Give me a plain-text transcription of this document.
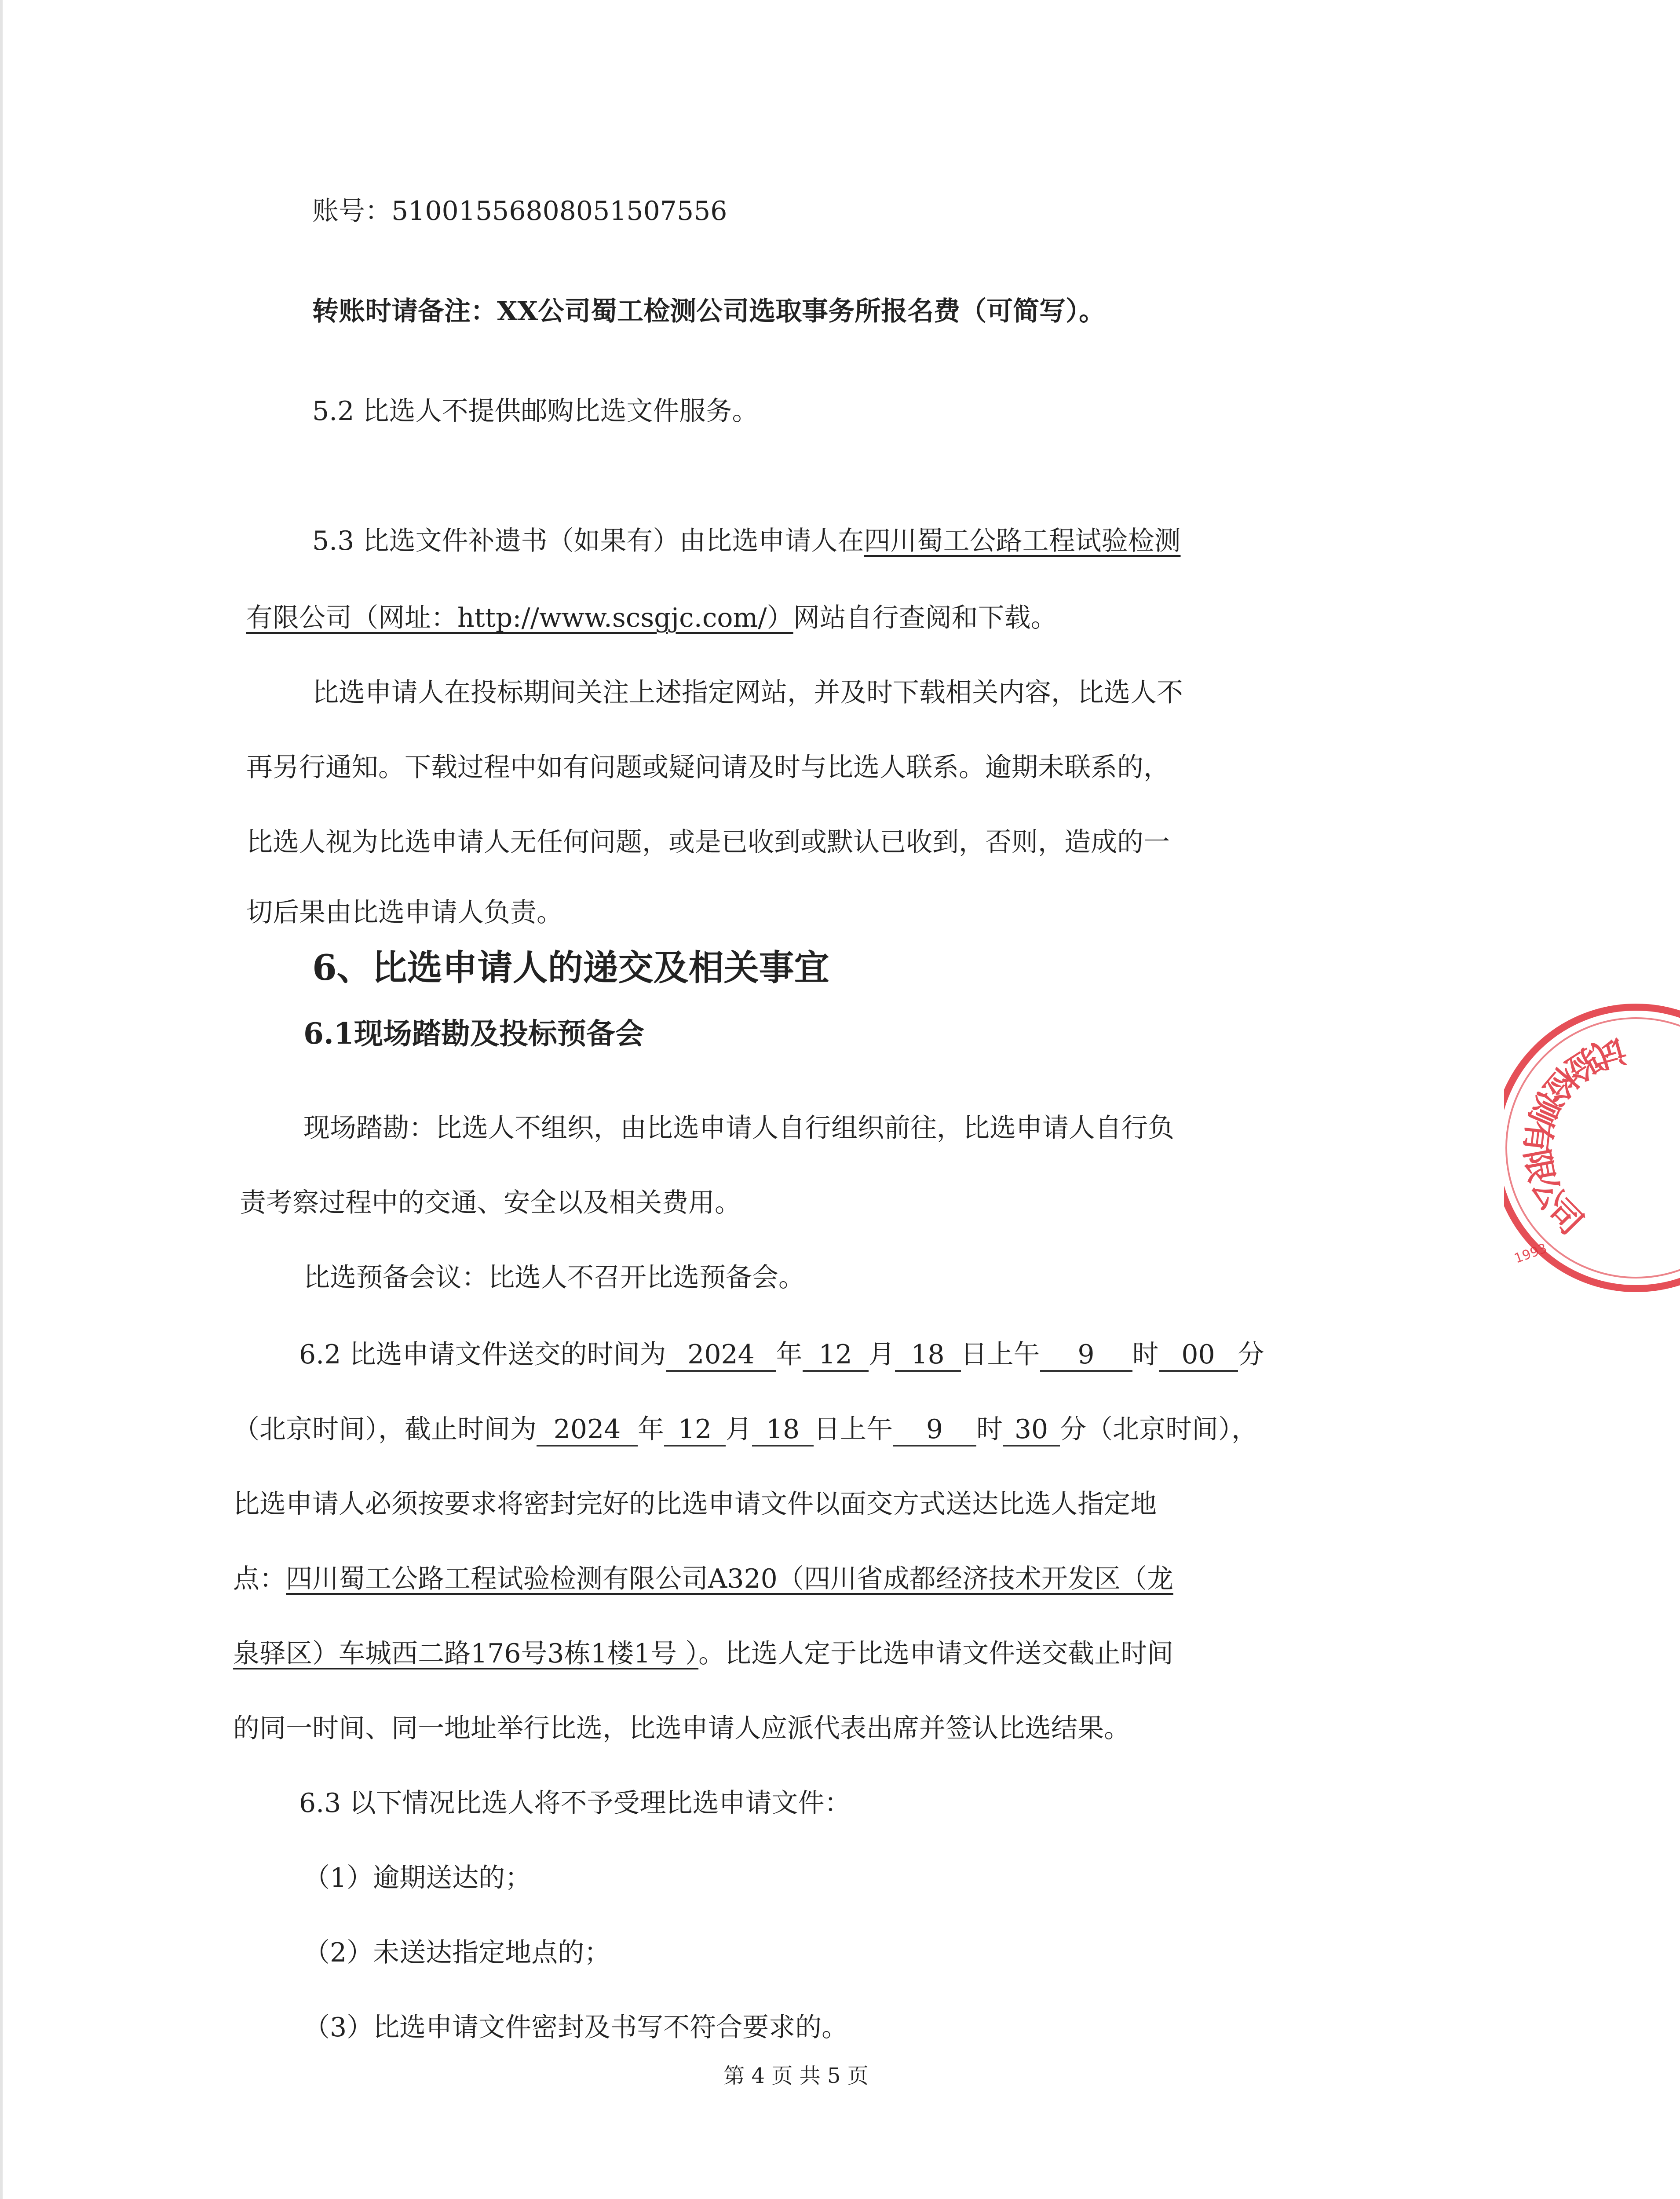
账号：51001556808051507556
转账时请备注：XX公司蜀工检测公司选取事务所报名费（可简写）。
5.2 比选人不提供邮购比选文件服务。
5.3 比选文件补遗书（如果有）由比选申请人在四川蜀工公路工程试验检测
有限公司（网址：http://www.scsgjc.com/）网站自行查阅和下载。
比选申请人在投标期间关注上述指定网站，并及时下载相关内容，比选人不
再另行通知。下载过程中如有问题或疑问请及时与比选人联系。逾期未联系的，
比选人视为比选申请人无任何问题，或是已收到或默认已收到，否则，造成的一
切后果由比选申请人负责。
6、比选申请人的递交及相关事宜
6.1现场踏勘及投标预备会
现场踏勘：比选人不组织，由比选申请人自行组织前往，比选申请人自行负
责考察过程中的交通、安全以及相关费用。
比选预备会议：比选人不召开比选预备会。
6.2 比选申请文件送交的时间为 2024 年 12 月 18 日上午 9 时 00 分
（北京时间），截止时间为 2024 年 12 月 18 日上午 9 时 30 分（北京时间），
比选申请人必须按要求将密封完好的比选申请文件以面交方式送达比选人指定地
点：四川蜀工公路工程试验检测有限公司A320（四川省成都经济技术开发区（龙
泉驿区）车城西二路176号3栋1楼1号 ）。比选人定于比选申请文件送交截止时间
的同一时间、同一地址举行比选，比选申请人应派代表出席并签认比选结果。
6.3 以下情况比选人将不予受理比选申请文件：
（1）逾期送达的；
（2）未送达指定地点的；
（3）比选申请文件密封及书写不符合要求的。
第 4 页 共 5 页
试验检测有限公司
1993
